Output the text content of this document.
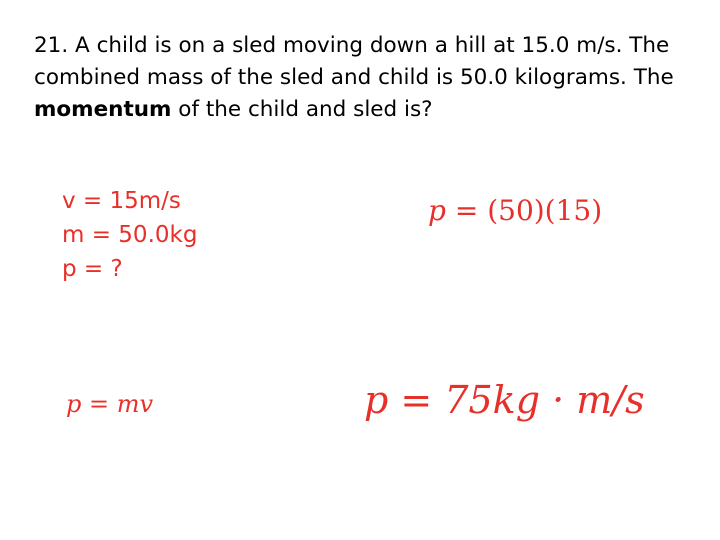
21. A child is on a sled moving down a hill at 15.0 m/s. The combined mass of the sled and child is 50.0 kilograms. The momentum of the child and sled is?

v = 15m/s
m = 50.0kg
p = ?
p = (50)(15)
p = mv	p = 75kg · m/s
